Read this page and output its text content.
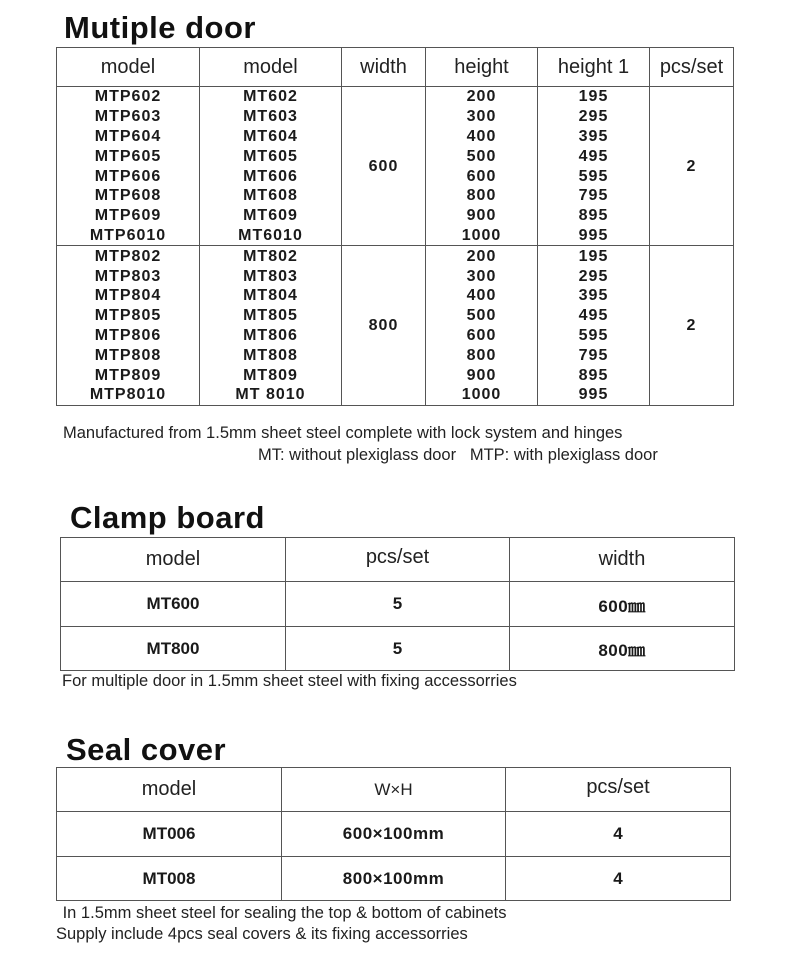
Mutiple door
model	model	width	height	height 1	pcs/set
MTP602	MT602	600	200	195	2
MTP603	MT603		300	295	
MTP604	MT604		400	395	
MTP605	MT605		500	495	
MTP606	MT606		600	595	
MTP608	MT608		800	795	
MTP609	MT609		900	895	
MTP6010	MT6010		1000	995	
MTP802	MT802	800	200	195	2
MTP803	MT803		300	295	
MTP804	MT804		400	395	
MTP805	MT805		500	495	
MTP806	MT806		600	595	
MTP808	MT808		800	795	
MTP809	MT809		900	895	
MTP8010	MT 8010		1000	995	

Manufactured from 1.5mm sheet steel complete with lock system and hinges

MT: without plexiglass door   MTP: with plexiglass door

Clamp board
model	pcs/set	width
MT600	5	600㎜
MT800	5	800㎜

For multiple door in 1.5mm sheet steel with fixing accessorries

Seal cover
model	W×H	pcs/set
MT006	600×100mm	4
MT008	800×100mm	4

In 1.5mm sheet steel for sealing the top & bottom of cabinets

Supply include 4pcs seal covers & its fixing accessorries
